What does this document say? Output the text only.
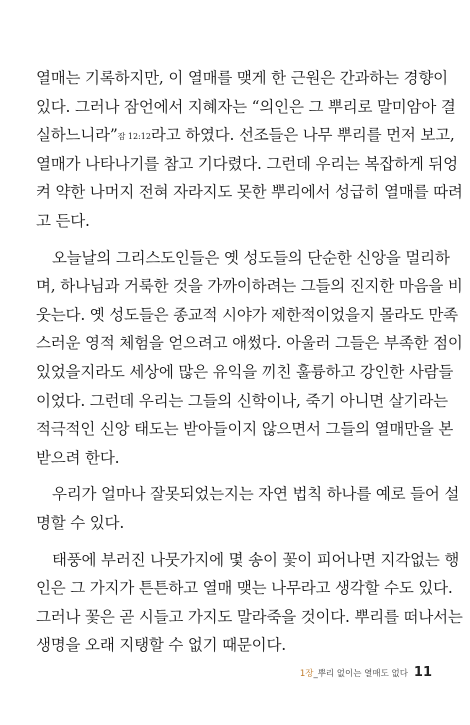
열매는 기록하지만, 이 열매를 맺게 한 근원은 간과하는 경향이
있다. 그러나 잠언에서 지혜자는 “의인은 그 뿌리로 말미암아 결
실하느니라”잠 12:12라고 하였다. 선조들은 나무 뿌리를 먼저 보고,
열매가 나타나기를 참고 기다렸다. 그런데 우리는 복잡하게 뒤엉
켜 약한 나머지 전혀 자라지도 못한 뿌리에서 성급히 열매를 따려
고 든다.
오늘날의 그리스도인들은 옛 성도들의 단순한 신앙을 멀리하
며, 하나님과 거룩한 것을 가까이하려는 그들의 진지한 마음을 비
웃는다. 옛 성도들은 종교적 시야가 제한적이었을지 몰라도 만족
스러운 영적 체험을 얻으려고 애썼다. 아울러 그들은 부족한 점이
있었을지라도 세상에 많은 유익을 끼친 훌륭하고 강인한 사람들
이었다. 그런데 우리는 그들의 신학이나, 죽기 아니면 살기라는
적극적인 신앙 태도는 받아들이지 않으면서 그들의 열매만을 본
받으려 한다.
우리가 얼마나 잘못되었는지는 자연 법칙 하나를 예로 들어 설
명할 수 있다.
태풍에 부러진 나뭇가지에 몇 송이 꽃이 피어나면 지각없는 행
인은 그 가지가 튼튼하고 열매 맺는 나무라고 생각할 수도 있다.
그러나 꽃은 곧 시들고 가지도 말라죽을 것이다. 뿌리를 떠나서는
생명을 오래 지탱할 수 없기 때문이다.
1장_뿌리 없이는 열매도 없다 11
